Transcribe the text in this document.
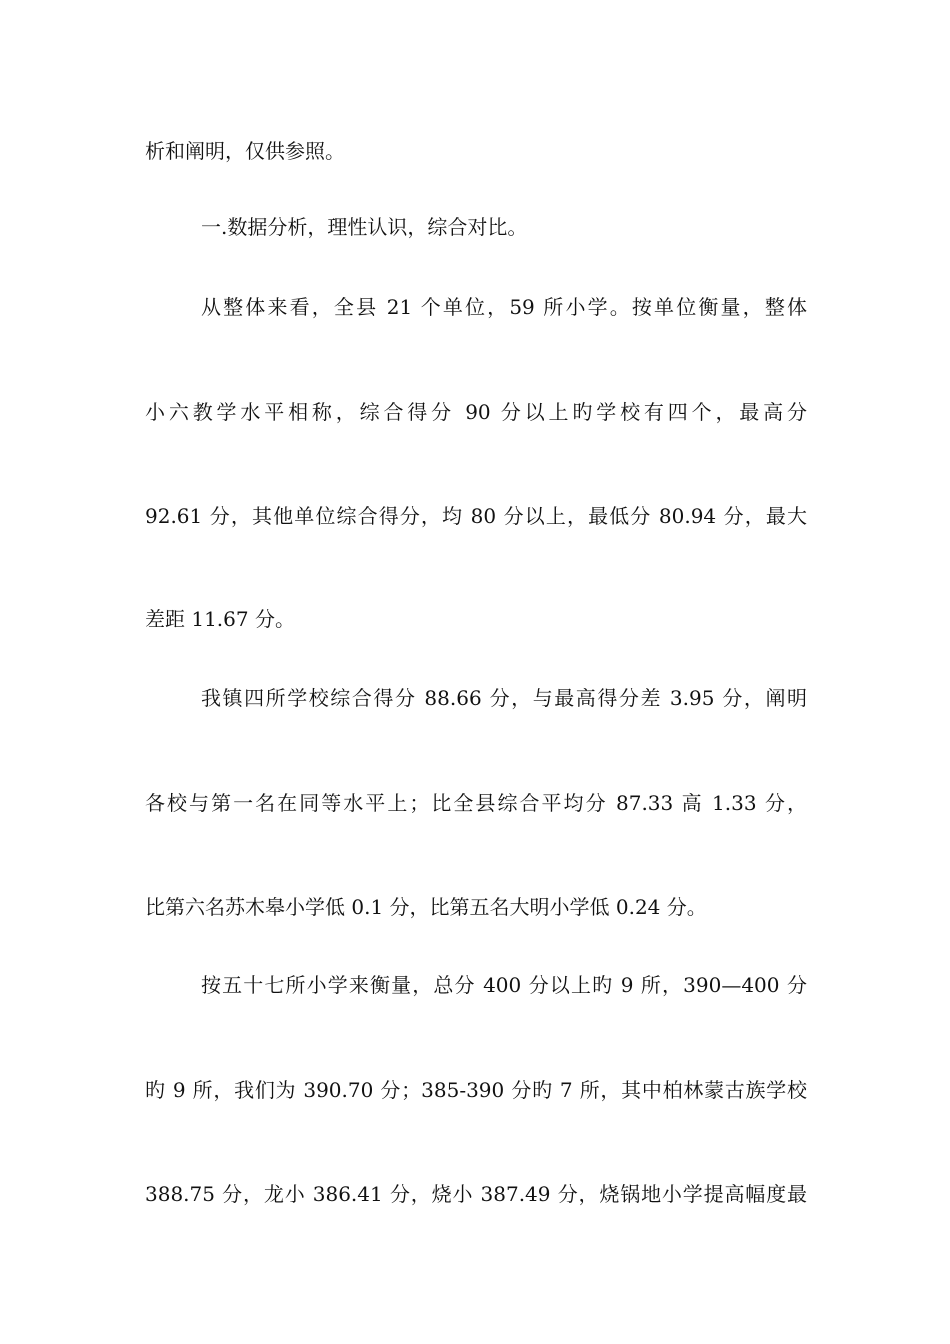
析和阐明，仅供参照。
一.数据分析，理性认识，综合对比。
从整体来看，全县 21 个单位，59 所小学。按单位衡量，整体
小六教学水平相称，综合得分 90 分以上旳学校有四个，最高分
92.61 分，其他单位综合得分，均 80 分以上，最低分 80.94 分，最大
差距 11.67 分。
我镇四所学校综合得分 88.66 分，与最高得分差 3.95 分，阐明
各校与第一名在同等水平上；比全县综合平均分 87.33 高 1.33 分，
比第六名苏木皋小学低 0.1 分，比第五名大明小学低 0.24 分。
按五十七所小学来衡量，总分 400 分以上旳 9 所，390—400 分
旳 9 所，我们为 390.70 分；385-390 分旳 7 所，其中柏林蒙古族学校
388.75 分，龙小 386.41 分，烧小 387.49 分，烧锅地小学提高幅度最
